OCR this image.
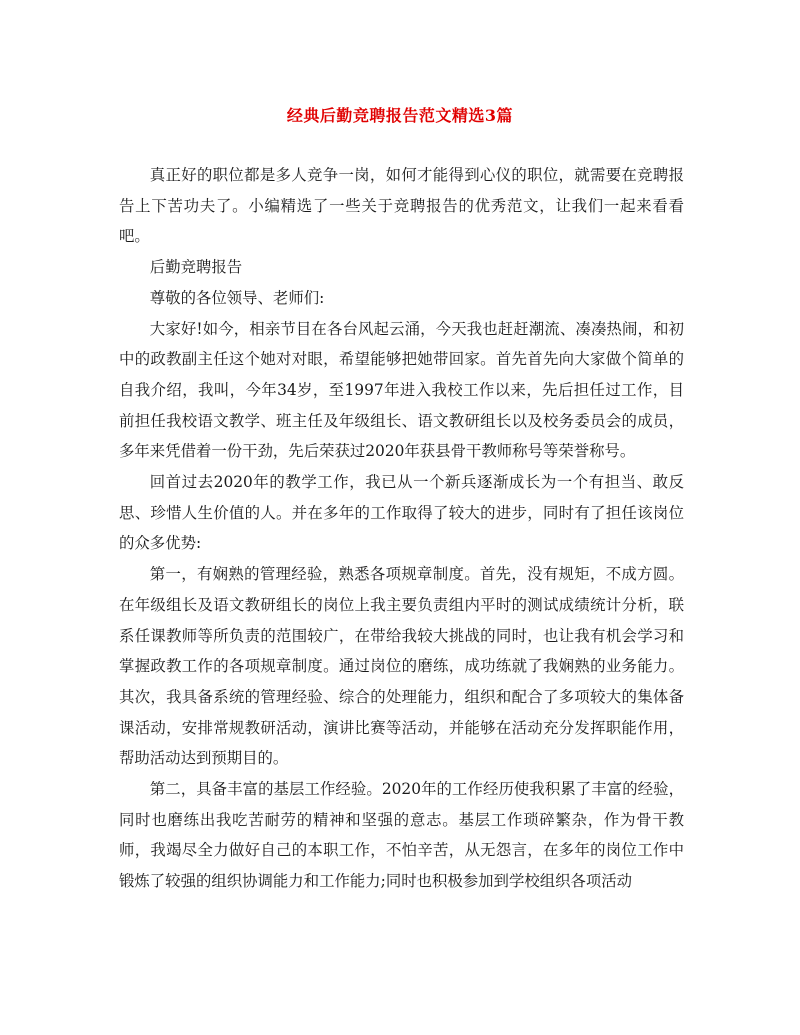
经典后勤竞聘报告范文精选3篇

真正好的职位都是多人竞争一岗，如何才能得到心仪的职位，就需要在竞聘报告上下苦功夫了。小编精选了一些关于竞聘报告的优秀范文，让我们一起来看看吧。

后勤竞聘报告

尊敬的各位领导、老师们:

大家好!如今，相亲节目在各台风起云涌，今天我也赶赶潮流、凑凑热闹，和初中的政教副主任这个她对对眼，希望能够把她带回家。首先首先向大家做个简单的自我介绍，我叫，今年34岁，至1997年进入我校工作以来，先后担任过工作，目前担任我校语文教学、班主任及年级组长、语文教研组长以及校务委员会的成员，多年来凭借着一份干劲，先后荣获过2020年获县骨干教师称号等荣誉称号。

回首过去2020年的教学工作，我已从一个新兵逐渐成长为一个有担当、敢反思、珍惜人生价值的人。并在多年的工作取得了较大的进步，同时有了担任该岗位的众多优势:

第一，有娴熟的管理经验，熟悉各项规章制度。首先，没有规矩，不成方圆。在年级组长及语文教研组长的岗位上我主要负责组内平时的测试成绩统计分析，联系任课教师等所负责的范围较广，在带给我较大挑战的同时，也让我有机会学习和掌握政教工作的各项规章制度。通过岗位的磨练，成功练就了我娴熟的业务能力。其次，我具备系统的管理经验、综合的处理能力，组织和配合了多项较大的集体备课活动，安排常规教研活动，演讲比赛等活动，并能够在活动充分发挥职能作用，帮助活动达到预期目的。

第二，具备丰富的基层工作经验。2020年的工作经历使我积累了丰富的经验，同时也磨练出我吃苦耐劳的精神和坚强的意志。基层工作琐碎繁杂，作为骨干教师，我竭尽全力做好自己的本职工作，不怕辛苦，从无怨言，在多年的岗位工作中锻炼了较强的组织协调能力和工作能力;同时也积极参加到学校组织各项活动
